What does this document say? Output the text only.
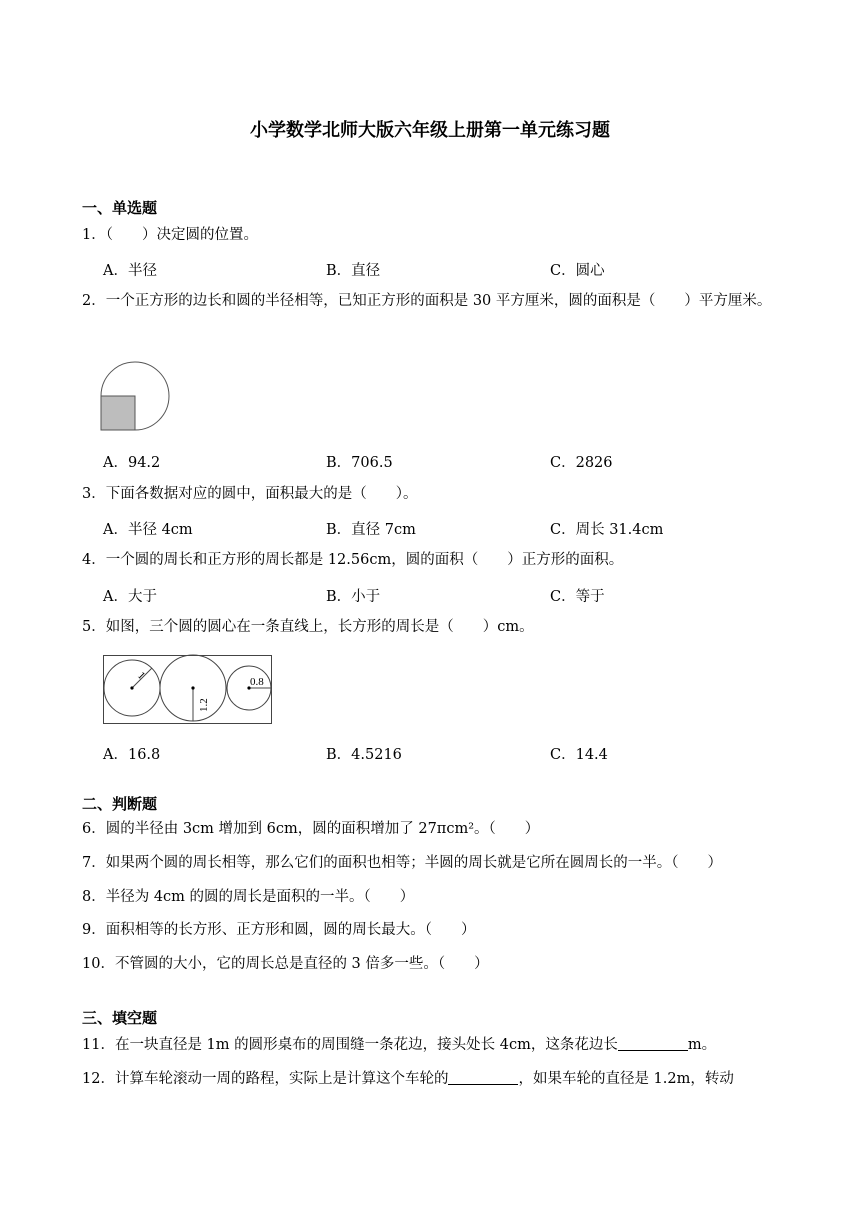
小学数学北师大版六年级上册第一单元练习题
一、单选题

1．（　　）决定圆的位置。

A．半径	B．直径	C．圆心

2．一个正方形的边长和圆的半径相等，已知正方形的面积是 30 平方厘米，圆的面积是（　　）平方厘米。

A．94.2	B．706.5	C．2826

3．下面各数据对应的圆中，面积最大的是（　　）。

A．半径 4cm	B．直径 7cm	C．周长 31.4cm

4．一个圆的周长和正方形的周长都是 12.56cm，圆的面积（　　）正方形的面积。

A．大于	B．小于	C．等于

5．如图，三个圆的圆心在一条直线上，长方形的周长是（　　）cm。

1
1.2
0.8
A．16.8	B．4.5216	C．14.4
二、判断题

6．圆的半径由 3cm 增加到 6cm，圆的面积增加了 27πcm²。（　　）

7．如果两个圆的周长相等，那么它们的面积也相等；半圆的周长就是它所在圆周长的一半。（　　）

8．半径为 4cm 的圆的周长是面积的一半。（　　）

9．面积相等的长方形、正方形和圆，圆的周长最大。（　　）

10．不管圆的大小，它的周长总是直径的 3 倍多一些。（　　）

三、填空题

11．在一块直径是 1m 的圆形桌布的周围缝一条花边，接头处长 4cm，这条花边长	m。

12．计算车轮滚动一周的路程，实际上是计算这个车轮的	，如果车轮的直径是 1.2m，转动
